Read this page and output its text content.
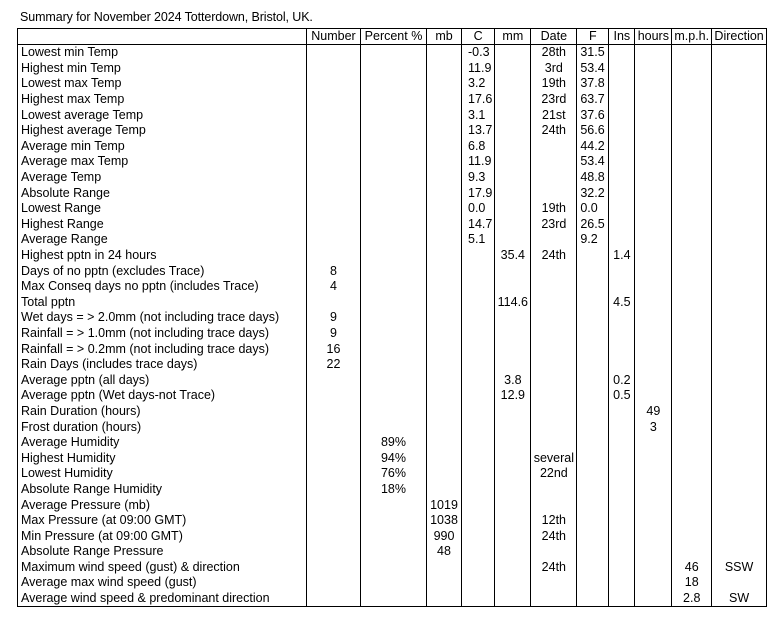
Summary for November 2024 Totterdown, Bristol, UK.
	Number	Percent %	mb	C	mm	Date	F	Ins	hours	m.p.h.	Direction
Lowest min Temp				-0.3		28th	31.5				
Highest min Temp				11.9		3rd	53.4				
Lowest max Temp				3.2		19th	37.8				
Highest max Temp				17.6		23rd	63.7				
Lowest average Temp				3.1		21st	37.6				
Highest average Temp				13.7		24th	56.6				
Average min Temp				6.8			44.2				
Average max Temp				11.9			53.4				
Average Temp				9.3			48.8				
Absolute Range				17.9			32.2				
Lowest Range				0.0		19th	0.0				
Highest Range				14.7		23rd	26.5				
Average Range				5.1			9.2				
Highest pptn in 24 hours					35.4	24th		1.4			
Days of no pptn (excludes Trace)	8										
Max Conseq days no pptn (includes Trace)	4										
Total pptn					114.6			4.5			
Wet days = > 2.0mm (not including trace days)	9										
Rainfall = > 1.0mm (not including trace days)	9										
Rainfall = > 0.2mm (not including trace days)	16										
Rain Days (includes trace days)	22										
Average pptn (all days)					3.8			0.2			
Average pptn (Wet days-not Trace)					12.9			0.5			
Rain Duration (hours)									49		
Frost duration (hours)									3		
Average Humidity		89%									
Highest Humidity		94%				several					
Lowest Humidity		76%				22nd					
Absolute Range Humidity		18%									
Average Pressure (mb)			1019								
Max Pressure (at 09:00 GMT)			1038			12th					
Min Pressure (at 09:00 GMT)			990			24th					
Absolute Range Pressure			48								
Maximum wind speed (gust) & direction						24th				46	SSW
Average max wind speed (gust)										18	
Average wind speed & predominant direction										2.8	SW
